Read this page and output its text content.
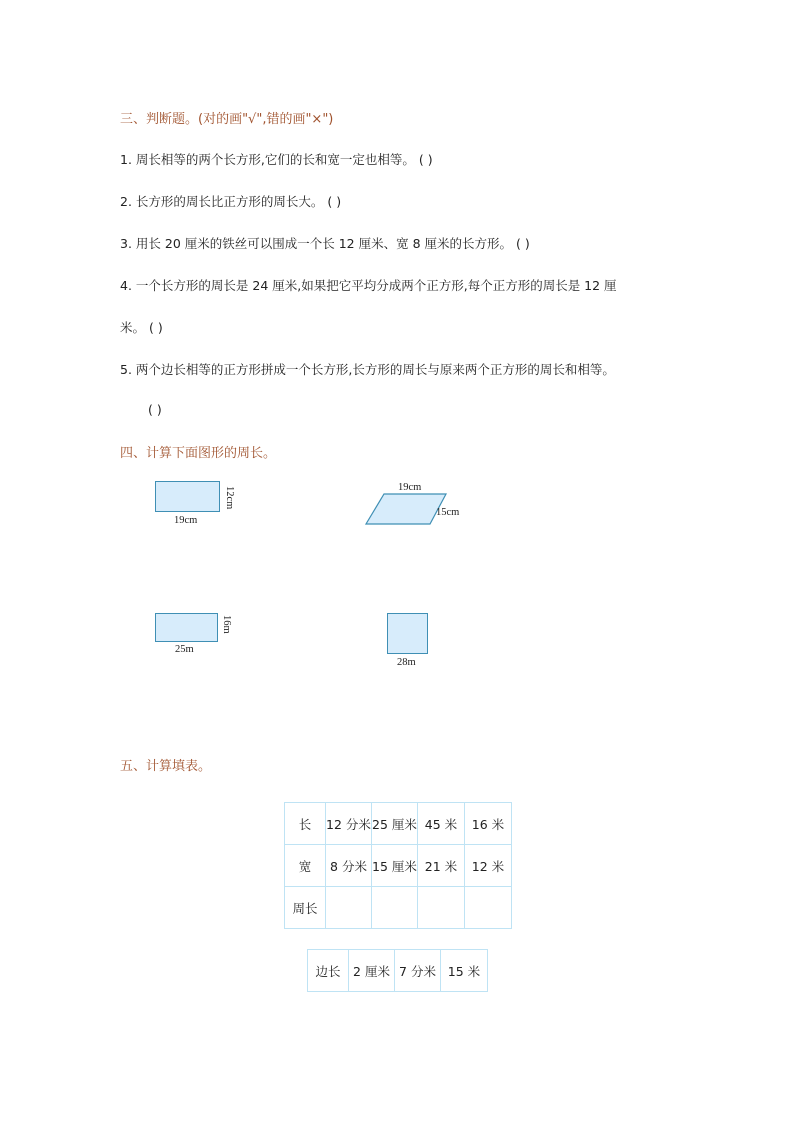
三、判断题。(对的画"√",错的画"×")
1. 周长相等的两个长方形,它们的长和宽一定也相等。 ( )
2. 长方形的周长比正方形的周长大。 ( )
3. 用长 20 厘米的铁丝可以围成一个长 12 厘米、宽 8 厘米的长方形。 ( )
4. 一个长方形的周长是 24 厘米,如果把它平均分成两个正方形,每个正方形的周长是 12 厘
米。 ( )
5. 两个边长相等的正方形拼成一个长方形,长方形的周长与原来两个正方形的周长和相等。
( )
四、计算下面图形的周长。
19cm
12cm	19cm
15cm
25m
16m
28m
五、计算填表。
长	12 分米	25 厘米	45 米	16 米
宽	8 分米	15 厘米	21 米	12 米
周长				
边长	2 厘米	7 分米	15 米
